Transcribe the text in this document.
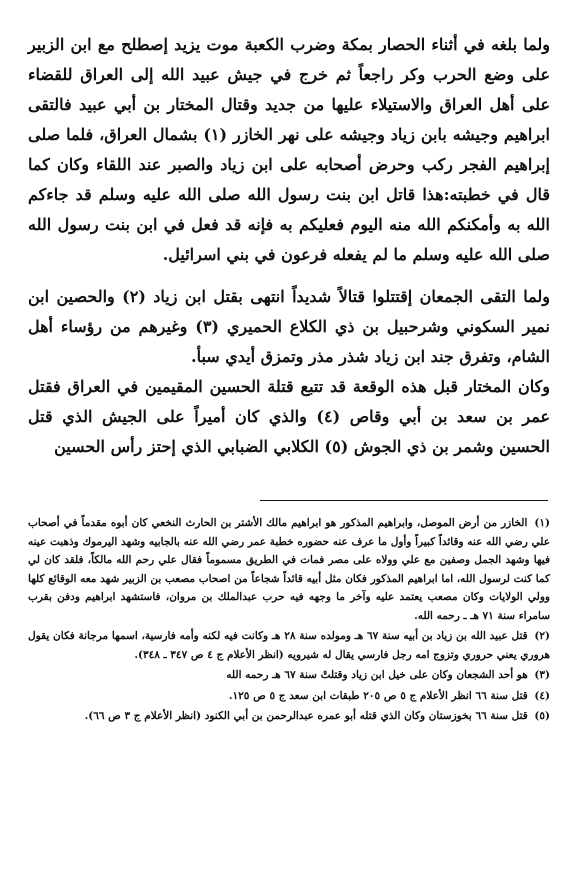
ولما بلغه في أثناء الحصار بمكة وضرب الكعبة موت يزيد إصطلح مع ابن الزبير على وضع الحرب وكر راجعاً ثم خرج في جيش عبيد الله إلى العراق للقضاء على أهل العراق والاستيلاء عليها من جديد وقتال المختار بن أبي عبيد فالتقى ابراهيم وجيشه بابن زياد وجيشه على نهر الخازر (١) بشمال العراق، فلما صلى إبراهيم الفجر ركب وحرض أصحابه على ابن زياد والصبر عند اللقاء وكان كما قال في خطبته:هذا قاتل ابن بنت رسول الله صلى الله عليه وسلم قد جاءكم الله به وأمكنكم الله منه اليوم فعليكم به فإنه قد فعل في ابن بنت رسول الله صلى الله عليه وسلم ما لم يفعله فرعون في بني اسرائيل.

ولما التقى الجمعان إقتتلوا قتالاً شديداً انتهى بقتل ابن زياد (٢) والحصين ابن نمير السكوني وشرحبيل بن ذي الكلاع الحميري (٣) وغيرهم من رؤساء أهل الشام، وتفرق جند ابن زياد شذر مذر وتمزق أيدي سبأ.

وكان المختار قبل هذه الوقعة قد تتبع قتلة الحسين المقيمين في العراق فقتل عمر بن سعد بن أبي وقاص (٤) والذي كان أميراً على الجيش الذي قتل الحسين وشمر بن ذي الجوش (٥) الكلابي الضبابي الذي إحتز رأس الحسين

(١) الخازر من أرض الموصل، وابراهيم المذكور هو ابراهيم مالك الأشتر بن الحارث النخعي كان أبوه مقدماً في أصحاب علي رضي الله عنه وقائداً كبيراً وأول ما عرف عنه حضوره خطبة عمر رضي الله عنه بالجابيه وشهد اليرموك وذهبت عينه فيها وشهد الجمل وصفين مع علي وولاه على مصر فمات في الطريق مسموماً فقال علي رحم الله مالكاً، فلقد كان لي كما كنت لرسول الله، اما ابراهيم المذكور فكان مثل أبيه قائداً شجاعاً من اصحاب مصعب بن الزبير شهد معه الوقائع كلها وولي الولايات وكان مصعب يعتمد عليه وآخر ما وجهه فيه حرب عبدالملك بن مروان، فاستشهد ابراهيم ودفن بقرب سامراء سنة ٧١ هـ ـ رحمه الله.

(٢) قتل عبيد الله بن زياد بن أبيه سنة ٦٧ هـ ومولده سنة ٢٨ هـ وكانت فيه لكنه وأمه فارسية، اسمها مرجانة فكان يقول هروري يعني حروري وتزوج امه رجل فارسي يقال له شيرويه (انظر الأعلام ج ٤ ص ٣٤٧ ـ ٣٤٨).

(٣) هو أحد الشجعان وكان على خيل ابن زياد وقتلتْ سنة ٦٧ هـ رحمه الله

(٤) قتل سنة ٦٦ انظر الأعلام ج ٥ ص ٢٠٥ طبقات ابن سعد ج ٥ ص ١٢٥.

(٥) قتل سنة ٦٦ بخوزستان وكان الذي قتله أبو عمره عبدالرحمن بن أبي الكنود (انظر الأعلام ج ٣ ص ٦٦).
